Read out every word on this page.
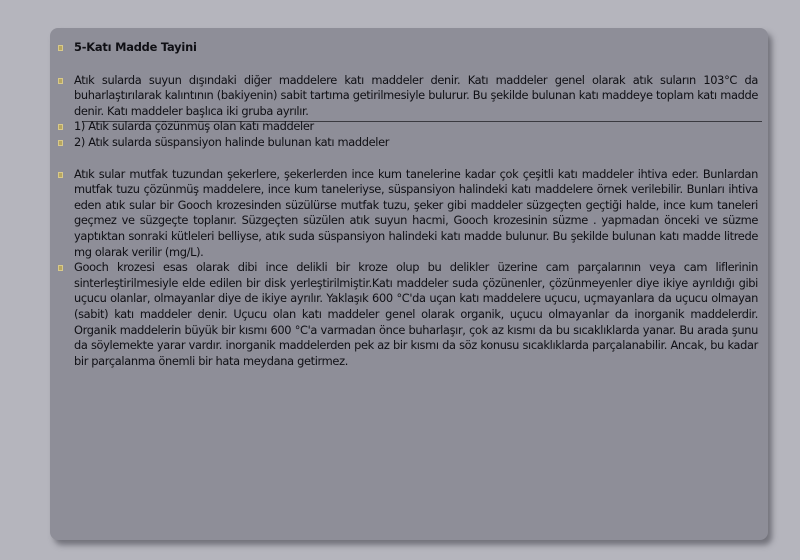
5-Katı Madde Tayini
Atık sularda suyun dışındaki diğer maddelere katı maddeler denir. Katı maddeler genel olarak atık suların 103°C da buharlaştırılarak kalıntının (bakiyenin) sabit tartıma getirilmesiyle bulurur. Bu şekilde bulunan katı maddeye toplam katı madde denir. Katı maddeler başlıca iki gruba ayrılır.
1) Atık sularda çözünmüş olan katı maddeler
2) Atık sularda süspansiyon halinde bulunan katı maddeler
Atık sular mutfak tuzundan şekerlere, şekerlerden ince kum tanelerine kadar çok çeşitli katı maddeler ihtiva eder. Bunlardan mutfak tuzu çözünmüş maddelere, ince kum taneleriyse, süspansiyon halindeki katı maddelere örnek verilebilir. Bunları ihtiva eden atık sular bir Gooch krozesinden süzülürse mutfak tuzu, şeker gibi maddeler süzgeçten geçtiği halde, ince kum taneleri geçmez ve süzgeçte toplanır. Süzgeçten süzülen atık suyun hacmi, Gooch krozesinin süzme . yapmadan önceki ve süzme yaptıktan sonraki kütleleri belliyse, atık suda süspansiyon halindeki katı madde bulunur. Bu şekilde bulunan katı madde litrede mg olarak verilir (mg/L).
Gooch krozesi esas olarak dibi ince delikli bir kroze olup bu delikler üzerine cam parçalarının veya cam liflerinin sinterleştirilmesiyle elde edilen bir disk yerleştirilmiştir.Katı maddeler suda çözünenler, çözünmeyenler diye ikiye ayrıldığı gibi uçucu olanlar, olmayanlar diye de ikiye ayrılır. Yaklaşık 600 °C'da uçan katı maddelere uçucu, uçmayanlara da uçucu olmayan (sabit) katı maddeler denir. Uçucu olan katı maddeler genel olarak organik, uçucu olmayanlar da inorganik maddelerdir. Organik maddelerin büyük bir kısmı 600 °C'a varmadan önce buharlaşır, çok az kısmı da bu sıcaklıklarda yanar. Bu arada şunu da söylemekte yarar vardır. inorganik maddelerden pek az bir kısmı da söz konusu sıcaklıklarda parçalanabilir. Ancak, bu kadar bir parçalanma önemli bir hata meydana getirmez.
